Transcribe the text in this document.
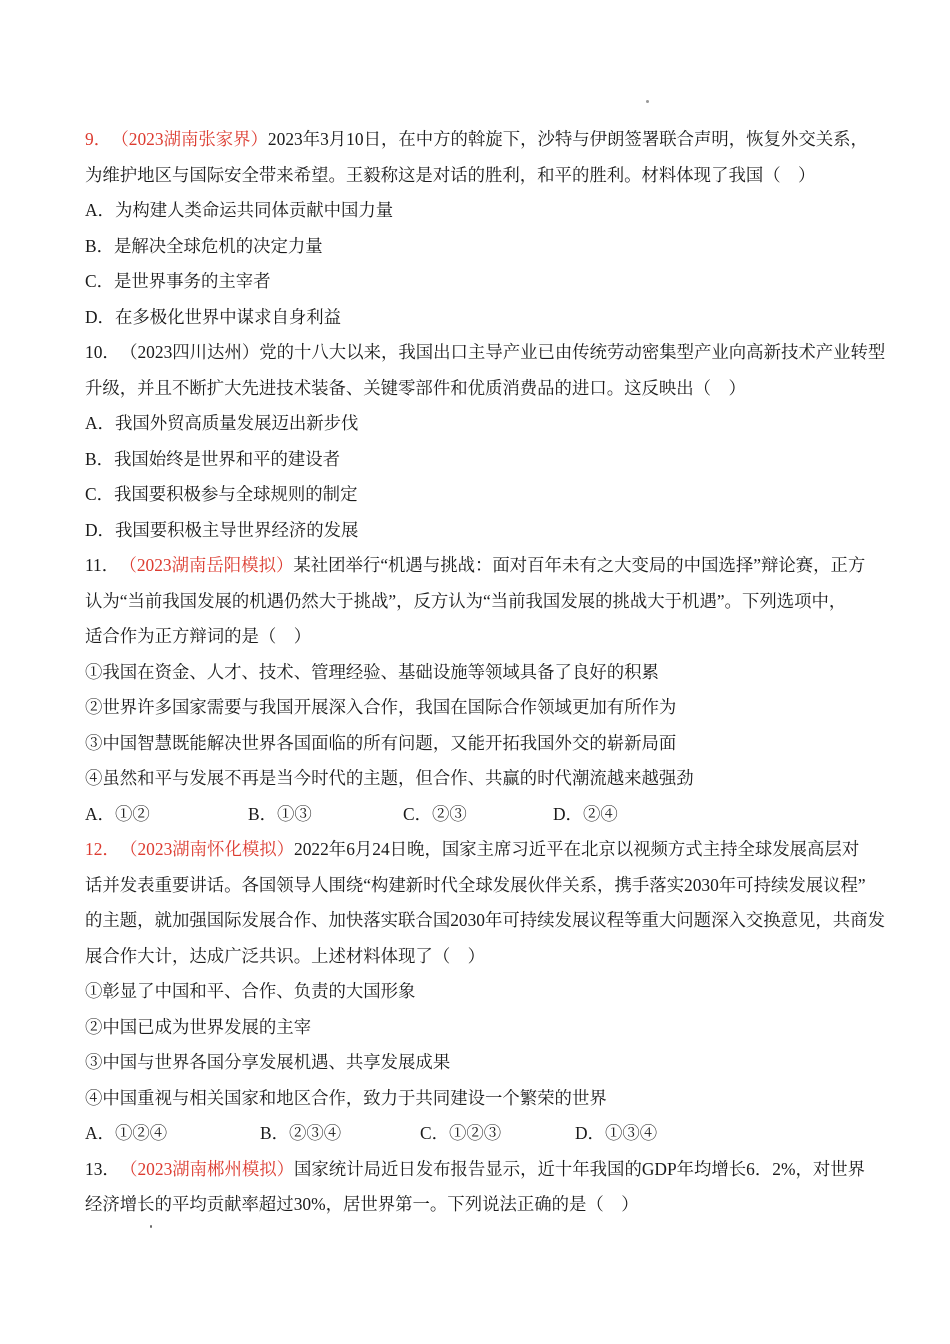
9． （2023湖南张家界）2023年3月10日，在中方的斡旋下，沙特与伊朗签署联合声明，恢复外交关系，
为维护地区与国际安全带来希望。王毅称这是对话的胜利，和平的胜利。材料体现了我国（　）
A．为构建人类命运共同体贡献中国力量
B．是解决全球危机的决定力量
C．是世界事务的主宰者
D．在多极化世界中谋求自身利益
10． （2023四川达州）党的十八大以来，我国出口主导产业已由传统劳动密集型产业向高新技术产业转型
升级，并且不断扩大先进技术装备、关键零部件和优质消费品的进口。这反映出（　）
A．我国外贸高质量发展迈出新步伐
B．我国始终是世界和平的建设者
C．我国要积极参与全球规则的制定
D．我国要积极主导世界经济的发展
11． （2023湖南岳阳模拟）某社团举行“机遇与挑战：面对百年未有之大变局的中国选择”辩论赛，正方
认为“当前我国发展的机遇仍然大于挑战”，反方认为“当前我国发展的挑战大于机遇”。下列选项中，
适合作为正方辩词的是（　）
①我国在资金、人才、技术、管理经验、基础设施等领域具备了良好的积累
②世界许多国家需要与我国开展深入合作，我国在国际合作领域更加有所作为
③中国智慧既能解决世界各国面临的所有问题，又能开拓我国外交的崭新局面
④虽然和平与发展不再是当今时代的主题，但合作、共赢的时代潮流越来越强劲
A．①②	B．①③	C．②③	D．②④
12． （2023湖南怀化模拟）2022年6月24日晚，国家主席习近平在北京以视频方式主持全球发展高层对
话并发表重要讲话。各国领导人围绕“构建新时代全球发展伙伴关系，携手落实2030年可持续发展议程”
的主题，就加强国际发展合作、加快落实联合国2030年可持续发展议程等重大问题深入交换意见，共商发
展合作大计，达成广泛共识。上述材料体现了（　）
①彰显了中国和平、合作、负责的大国形象
②中国已成为世界发展的主宰
③中国与世界各国分享发展机遇、共享发展成果
④中国重视与相关国家和地区合作，致力于共同建设一个繁荣的世界
A．①②④	B．②③④	C．①②③	D．①③④
13． （2023湖南郴州模拟）国家统计局近日发布报告显示，近十年我国的GDP年均增长6．2%，对世界
经济增长的平均贡献率超过30%，居世界第一。下列说法正确的是（　）
